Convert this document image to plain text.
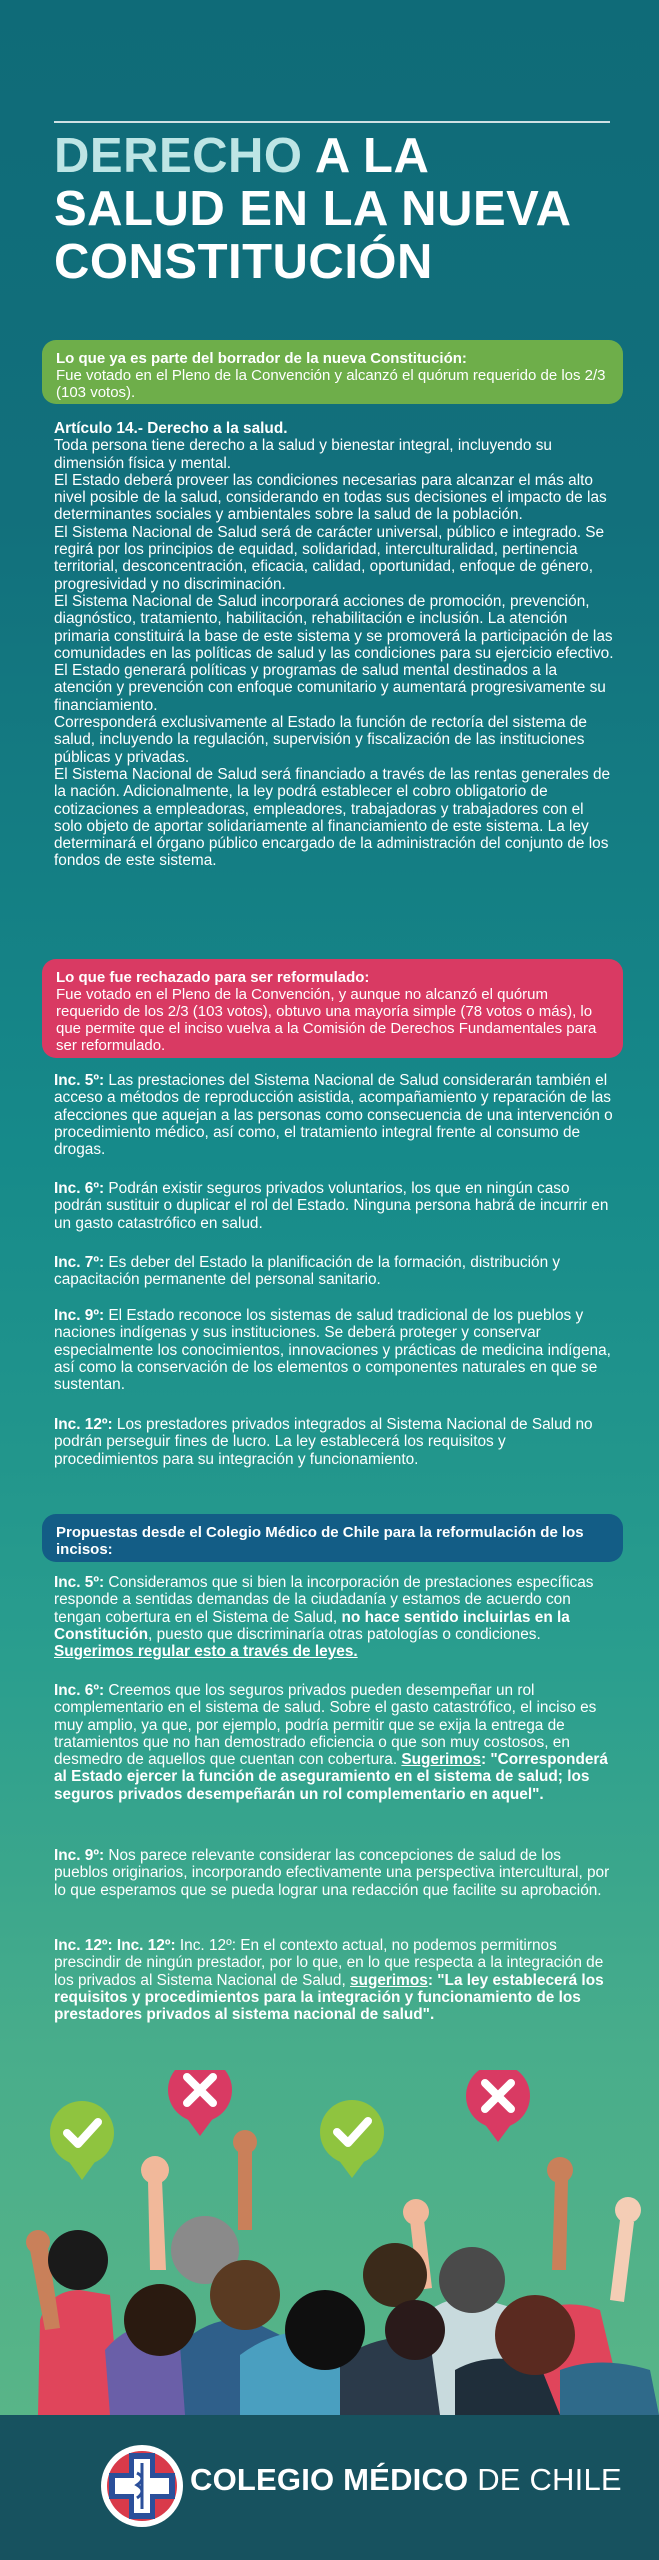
DERECHO A LA
SALUD EN LA NUEVA
CONSTITUCIÓN
Lo que ya es parte del borrador de la nueva Constitución:
Fue votado en el Pleno de la Convención y alcanzó el quórum requerido de los 2/3 (103 votos).

Artículo 14.- Derecho a la salud.

Toda persona tiene derecho a la salud y bienestar integral, incluyendo su dimensión física y mental.

El Estado deberá proveer las condiciones necesarias para alcanzar el más alto nivel posible de la salud, considerando en todas sus decisiones el impacto de las determinantes sociales y ambientales sobre la salud de la población.

El Sistema Nacional de Salud será de carácter universal, público e integrado. Se regirá por los principios de equidad, solidaridad, interculturalidad, pertinencia territorial, desconcentración, eficacia, calidad, oportunidad, enfoque de género, progresividad y no discriminación.

El Sistema Nacional de Salud incorporará acciones de promoción, prevención, diagnóstico, tratamiento, habilitación, rehabilitación e inclusión. La atención primaria constituirá la base de este sistema y se promoverá la participación de las comunidades en las políticas de salud y las condiciones para su ejercicio efectivo.

El Estado generará políticas y programas de salud mental destinados a la atención y prevención con enfoque comunitario y aumentará progresivamente su financiamiento.

Corresponderá exclusivamente al Estado la función de rectoría del sistema de salud, incluyendo la regulación, supervisión y fiscalización de las instituciones públicas y privadas.

El Sistema Nacional de Salud será financiado a través de las rentas generales de la nación. Adicionalmente, la ley podrá establecer el cobro obligatorio de cotizaciones a empleadoras, empleadores, trabajadoras y trabajadores con el solo objeto de aportar solidariamente al financiamiento de este sistema. La ley determinará el órgano público encargado de la administración del conjunto de los fondos de este sistema.

Lo que fue rechazado para ser reformulado:
Fue votado en el Pleno de la Convención, y aunque no alcanzó el quórum requerido de los 2/3 (103 votos), obtuvo una mayoría simple (78 votos o más), lo que permite que el inciso vuelva a la Comisión de Derechos Fundamentales para ser reformulado.
Inc. 5º: Las prestaciones del Sistema Nacional de Salud considerarán también el acceso a métodos de reproducción asistida, acompañamiento y reparación de las afecciones que aquejan a las personas como consecuencia de una intervención o procedimiento médico, así como, el tratamiento integral frente al consumo de drogas.
Inc. 6º: Podrán existir seguros privados voluntarios, los que en ningún caso podrán sustituir o duplicar el rol del Estado. Ninguna persona habrá de incurrir en un gasto catastrófico en salud.
Inc. 7º: Es deber del Estado la planificación de la formación, distribución y capacitación permanente del personal sanitario.
Inc. 9º: El Estado reconoce los sistemas de salud tradicional de los pueblos y naciones indígenas y sus instituciones. Se deberá proteger y conservar especialmente los conocimientos, innovaciones y prácticas de medicina indígena, así como la conservación de los elementos o componentes naturales en que se sustentan.
Inc. 12º: Los prestadores privados integrados al Sistema Nacional de Salud no podrán perseguir fines de lucro. La ley establecerá los requisitos y procedimientos para su integración y funcionamiento.
Propuestas desde el Colegio Médico de Chile para la reformulación de los incisos:
Inc. 5º: Consideramos que si bien la incorporación de prestaciones específicas responde a sentidas demandas de la ciudadanía y estamos de acuerdo con tengan cobertura en el Sistema de Salud, no hace sentido incluirlas en la Constitución, puesto que discriminaría otras patologías o condiciones. Sugerimos regular esto a través de leyes.
Inc. 6º: Creemos que los seguros privados pueden desempeñar un rol complementario en el sistema de salud. Sobre el gasto catastrófico, el inciso es muy amplio, ya que, por ejemplo, podría permitir que se exija la entrega de tratamientos que no han demostrado eficiencia o que son muy costosos, en desmedro de aquellos que cuentan con cobertura. Sugerimos: "Corresponderá al Estado ejercer la función de aseguramiento en el sistema de salud; los seguros privados desempeñarán un rol complementario en aquel".
Inc. 9º: Nos parece relevante considerar las concepciones de salud de los pueblos originarios, incorporando efectivamente una perspectiva intercultural, por lo que esperamos que se pueda lograr una redacción que facilite su aprobación.
Inc. 12º: Inc. 12º: Inc. 12º: En el contexto actual, no podemos permitirnos prescindir de ningún prestador, por lo que, en lo que respecta a la integración de los privados al Sistema Nacional de Salud, sugerimos: "La ley establecerá los requisitos y procedimientos para la integración y funcionamiento de los prestadores privados al sistema nacional de salud".
COLEGIO MÉDICO DE CHILE
